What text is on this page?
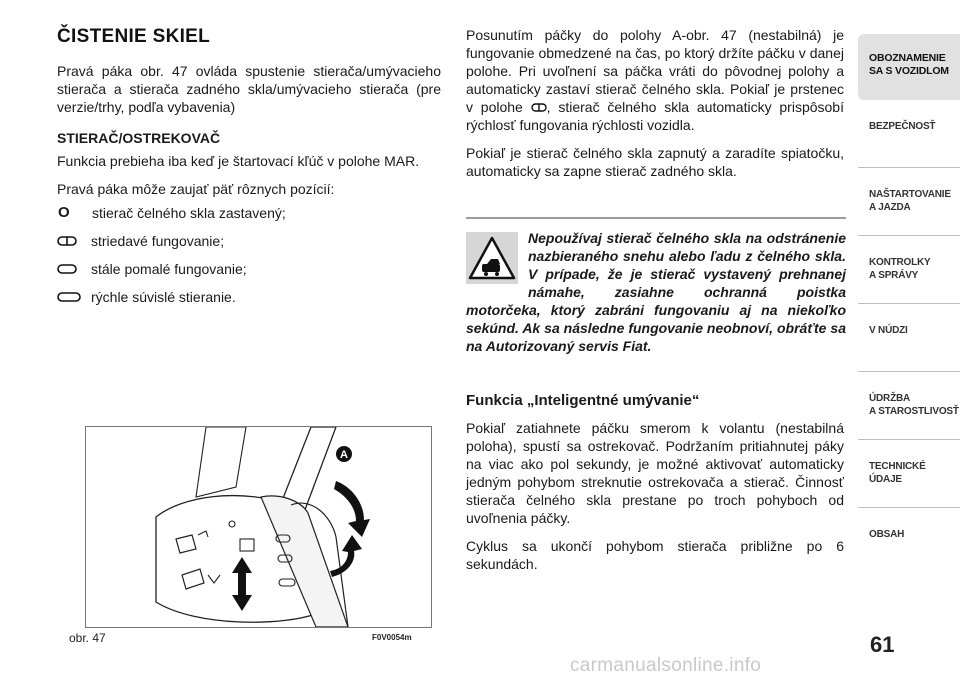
ČISTENIE SKIEL

Pravá páka obr. 47 ovláda spustenie stierača/umývacieho stierača a stierača zadného skla/umývacieho stierača (pre verzie/trhy, podľa vybavenia)

STIERAČ/OSTREKOVAČ

Funkcia prebieha iba keď je štartovací kľúč v polohe MAR.

Pravá páka môže zaujať päť rôznych pozícií:

O	stierač čelného skla zastavený;
striedavé fungovanie;
stále pomalé fungovanie;
rýchle súvislé stieranie.
A
obr. 47	F0V0054m

Posunutím páčky do polohy A-obr. 47 (nestabilná) je fungovanie obmedzené na čas, po ktorý držíte páčku v danej polohe. Pri uvoľnení sa páčka vráti do pôvodnej polohy a automaticky zastaví stierač čelného skla. Pokiaľ je prstenec v polohe , stierač čelného skla automaticky prispôsobí rýchlosť fungovania rýchlosti vozidla.

Pokiaľ je stierač čelného skla zapnutý a zaradíte spiatočku, automaticky sa zapne stierač zadného skla.

Nepoužívaj stierač čelného skla na odstránenie nazbieraného snehu alebo ľadu z čelného skla. V prípade, že je stierač vystavený prehnanej námahe, zasiahne ochranná poistka motorčeka, ktorý zabráni fungovaniu aj na niekoľko sekúnd. Ak sa následne fungovanie neobnoví, obráťte sa na Autorizovaný servis Fiat.

Funkcia „Inteligentné umývanie“

Pokiaľ zatiahnete páčku smerom k volantu (nestabilná poloha), spustí sa ostrekovač. Podržaním pritiahnutej páky na viac ako pol sekundy, je možné aktivovať automaticky jedným pohybom streknutie ostrekovača a stierač. Činnosť stierača čelného skla prestane po troch pohyboch od uvoľnenia páčky.

Cyklus sa ukončí pohybom stierača približne po 6 sekundách.

OBOZNAMENIE
SA S VOZIDLOM
BEZPEČNOSŤ
NAŠTARTOVANIE
A JAZDA
KONTROLKY
A SPRÁVY
V NÚDZI
ÚDRŽBA
A STAROSTLIVOSŤ
TECHNICKÉ
ÚDAJE
OBSAH
61
carmanualsonline.info
